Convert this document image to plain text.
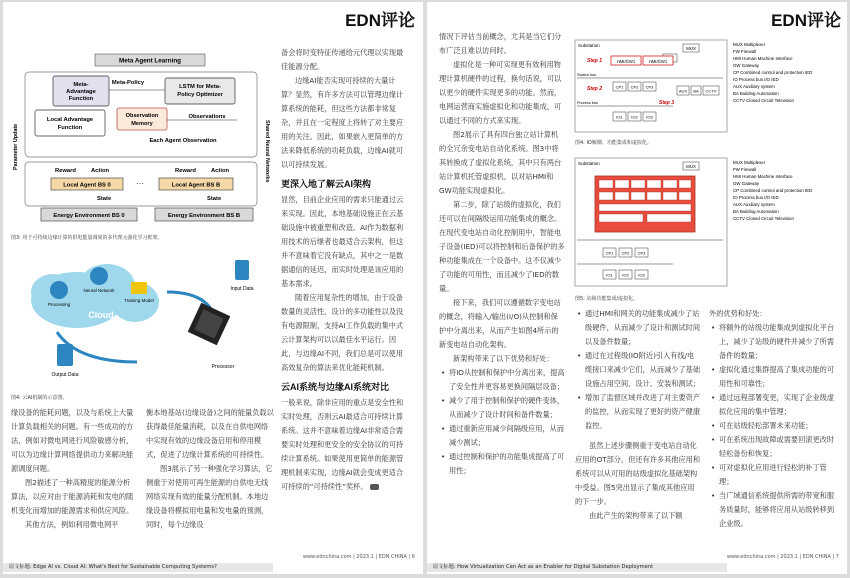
EDN评论
Meta Agent Learning
Meta-
Advantage
Function
Meta-Policy
LSTM for Meta-
Policy Optimizer
Local Advantage
Function
Observation
Memory
Observations
Each Agent Observation
Parameter Update	Shared Neural Networks
Reward	Action	Reward	Action
Local Agent BS 0	···	Local Agent BS B
State	State
Energy Environment BS 0	Energy Environment BS B
图3: 用于可持续边缘计算的供电能量调度的多代理元强化学习框架。
Cloud
Processing
Neural Network
Training Model
Input Data
Processor
Output Data
图4: 云AI机制的示意图。

备会将时变特征传递给元代理以实现最佳能源分配。

边缘AI能否实现可持续的大量计算？显然，有许多方法可以管理边缘计算系统的能耗，但这些方法都非常复杂，并且在一定程度上将转了对主要应用的关注。因此，如果嵌入更简单的方法来降低系统的功耗负载，边缘AI就可以可持续发展。

更深入地了解云AI架构

显然，目前企业应用的需求只能通过云来实现。因此，本地基础设施正在云基础设施中被重塑和改造。AI作为数据利用技术的后继者也最适合云架构，但这并不意味着它没有缺点，其中之一是数据通信的延迟，而实时处理是该应用的基本需求。

随着应用复杂性的增加，由于设备数量的灵活性、设计的多功能性以及没有电源限制，支持AI工作负载的集中式云计算架构可以以最佳水平运行。因此，与边缘AI不同，我们总是可以使用高效复杂的算法来优化能耗机制。

云AI系统与边缘AI系统对比

一般来说，除非应用的重点是安全性和实时处理，否则云AI最适合可持续计算系统。这并不意味着边缘AI非常适合需要实时处理和更安全的安全协议的可持续计算系统。如果使用更简单的能源管理机制来实现，边缘AI就会变成更适合可持续的“可持续性”奖杯。

缘设备的能耗问题，以及与系统上大量计算负载相关的问题。有一些成功的方法，例如对微电网进行风险敏感分析，可以为边缘计算网络提供动力来解决能源调度问题。

图2描述了一种高精度的能源分析算法，以应对由于能源消耗和发电的随机变化而增加的能源需求和供应风险。

其他方法，例如利用微电网平

衡本地基站(边缘设备)之间的能量负载以获得最佳能量消耗，以及在自供电网络中实现有效的边缘设备启用和停用模式，促进了边缘计算系统的可持续性。

图3展示了另一种强化学习算法，它侧重于对使用可再生能源的自供电无线网络实现有效的能量分配机制。本地边缘设备将模拟用电量和发电量的预测，同时，每个边缘设

www.ednchina.com | 2023.1 | EDN CHINA | 6
原文标题: Edge AI vs. Cloud AI: What's Best for Sustainable Computing Systems?
EDN评论

情况下评估当前概念，尤其是当它们分布广泛且难以访问时。

虚拟化是一种可实现更有效利用物理计算机硬件的过程，换句话说，可以以更少的硬件实现更多的功能。然而，电网运营商实施虚拟化和功能集成，可以通过不同的方式来实现。

图2展示了具有四台独立站计算机的全冗余变电站自动化系统。图3中将其转换成了虚拟化系统，其中只有两台站计算机托管虚拟机，以对站HMI和GW功能实现虚拟化。

第二步，除了站级的虚拟化，我们还可以在间隔级运用功能集成的概念。在现代变电站自动化控制用中，智能电子设备(IED)可以将控制和后备保护的多种功能集成在一个设备中。这不仅减少了功能的可用性，而且减少了IED的数量。

接下来，我们可以遵循数字变电站的概念，将输入/输出(I/O)从控制和保护中分离出来，从而产生如图4所示的新变电站自动化架构。

新架构带来了以下优势和好处：

• 将IO从控制和保护中分离出来，提高了安全性并更容易更换间隔层设备；
• 减少了用于控制和保护的硬件变体，从而减少了设计时间和备件数量；
• 通过重新应用减少间隔级应用，从而减少测试；
• 通过控制和保护的功能集成提高了可用性；
Substation
MUX
Step 1	HMI/GW1	HMI/GW1
Station bus
Step 2	CP1 CP2 CP3
AUX BA CCTV
Step 3
Process bus
IO1 IO2 IO3
MUX Multiplexer
FW Firewall
HMI Human Machine Interface
GW Gateway
CP Combined control and protection IED
IO Process bus I/O IED
AUX Auxiliary system
BA Building Automation
CCTV Closed Circuit Television
图4: IO解耦、功能集成和虚拟化。
Substation
MUX
CP1 CP2 CP3
IO1 IO2 IO3
MUX Multiplexer
FW Firewall
HMI Human Machine Interface
GW Gateway
CP Combined control and protection IED
IO Process bus I/O IED
AUX Auxiliary system
BA Building Automation
CCTV Closed Circuit Television
图5: 站级功能集成/虚拟化。
• 通过HMI和网关的功能集成减少了站级硬件，从而减少了设计和测试时间以及备件数量；
• 通过在过程级(IO附近)引入有线/电缆接口来减少它们，从而减少了基础设施占用空间、设计、安装和测试；
• 增加了监督区域并改进了对主要资产的监控，从而实现了更好的资产健康监控。

虽然上述步骤侧重于变电站自动化应用的OT部分，但还有许多其他应用和系统可以从可用的站级虚拟化基础架构中受益。图5突出显示了集成其他应用的下一步。

由此产生的架构带来了以下额

外的优势和好处：

• 将额外的站级功能集成到虚拟化平台上，减少了站级的硬件并减少了所需备件的数量；
• 虚拟化通过集群提高了集成功能的可用性和可靠性；
• 通过远程部署变更，实现了企业级虚拟化应用的集中管理；
• 可在站级轻松部署未来功能；
• 可在系统出现故障或需要回滚更改时轻松备份和恢复；
• 可对虚拟化应用进行轻松的补丁管理；
• 当广域通信系统提供所需的带宽和服务质量时，能够将应用从站级转移到企业级。
www.ednchina.com | 2023.1 | EDN CHINA | 7
原文标题: How Virtualization Can Act as an Enabler for Digital Substation Deployment
